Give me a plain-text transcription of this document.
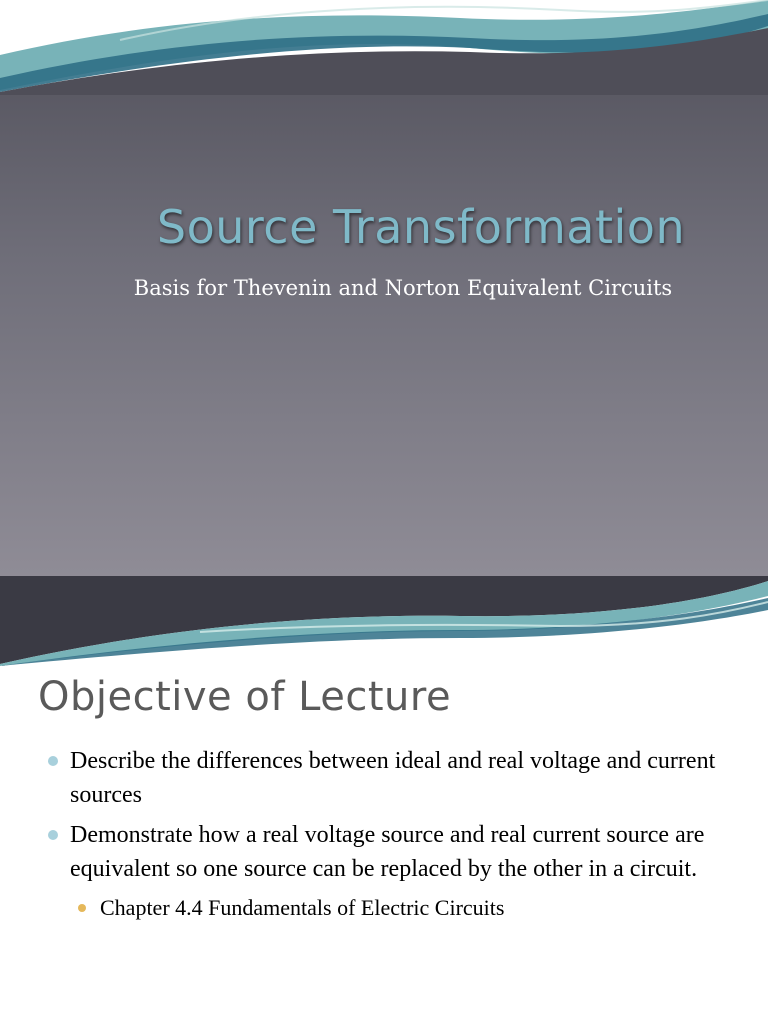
Source Transformation
Basis for Thevenin and Norton Equivalent Circuits
Objective of Lecture
Describe the differences between ideal and real voltage and current sources
Demonstrate how a real voltage source and real current source are equivalent so one source can be replaced by the other in a circuit.
Chapter 4.4 Fundamentals of Electric Circuits
